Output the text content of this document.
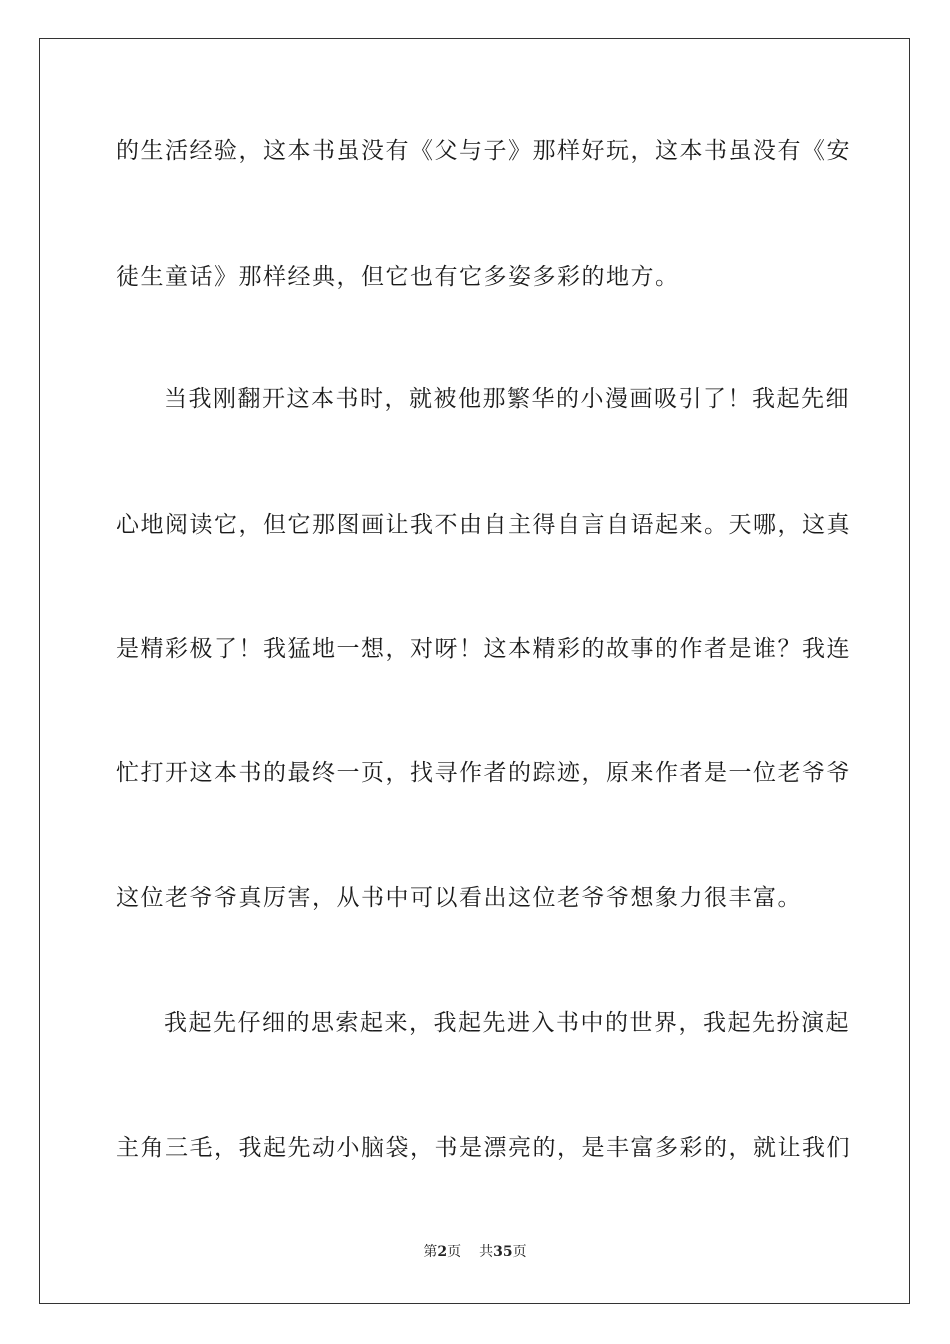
的生活经验，这本书虽没有《父与子》那样好玩，这本书虽没有《安
徒生童话》那样经典，但它也有它多姿多彩的地方。
当我刚翻开这本书时，就被他那繁华的小漫画吸引了！我起先细
心地阅读它，但它那图画让我不由自主得自言自语起来。天哪，这真
是精彩极了！我猛地一想，对呀！这本精彩的故事的作者是谁？我连
忙打开这本书的最终一页，找寻作者的踪迹，原来作者是一位老爷爷
这位老爷爷真厉害，从书中可以看出这位老爷爷想象力很丰富。
我起先仔细的思索起来，我起先进入书中的世界，我起先扮演起
主角三毛，我起先动小脑袋，书是漂亮的，是丰富多彩的，就让我们
第2页 共35页
